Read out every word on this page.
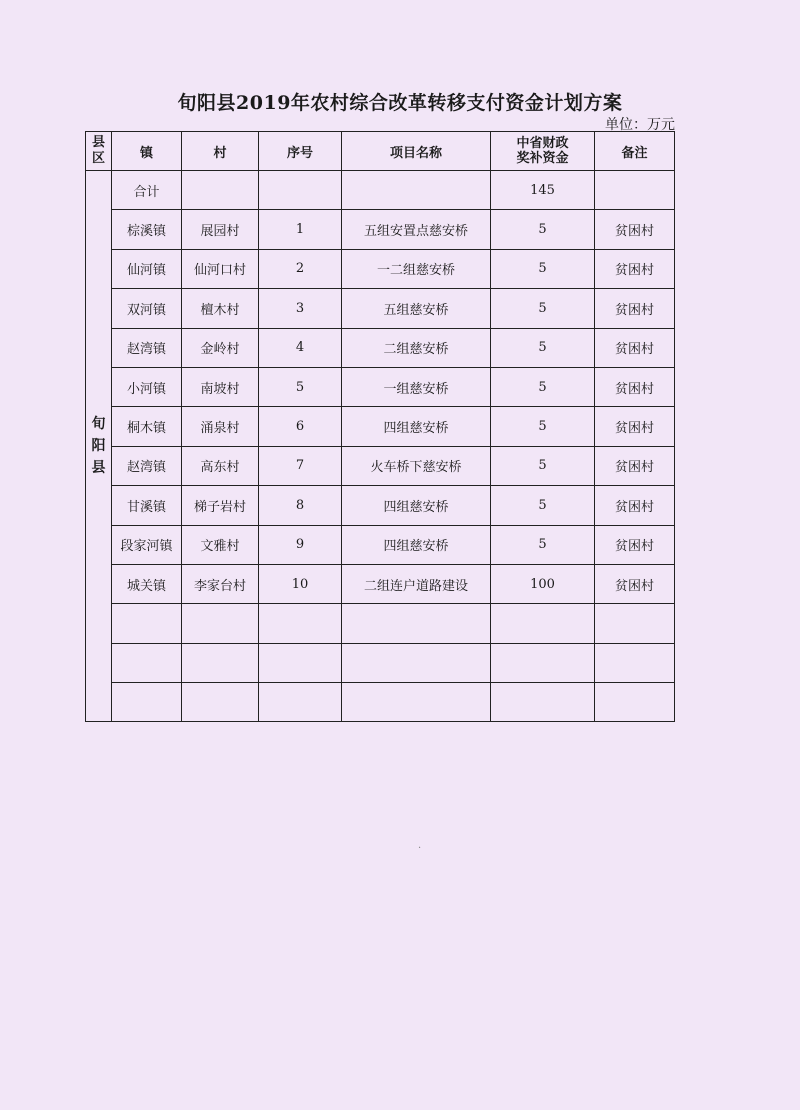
旬阳县2019年农村综合改革转移支付资金计划方案
单位：万元
县区	镇	村	序号	项目名称	中省财政
奖补资金	备注
旬阳县	合计				145	
	棕溪镇	展园村	1	五组安置点慈安桥	5	贫困村
	仙河镇	仙河口村	2	一二组慈安桥	5	贫困村
	双河镇	檀木村	3	五组慈安桥	5	贫困村
	赵湾镇	金岭村	4	二组慈安桥	5	贫困村
	小河镇	南坡村	5	一组慈安桥	5	贫困村
	桐木镇	涌泉村	6	四组慈安桥	5	贫困村
	赵湾镇	高东村	7	火车桥下慈安桥	5	贫困村
	甘溪镇	梯子岩村	8	四组慈安桥	5	贫困村
	段家河镇	文雅村	9	四组慈安桥	5	贫困村
	城关镇	李家台村	10	二组连户道路建设	100	贫困村

·
